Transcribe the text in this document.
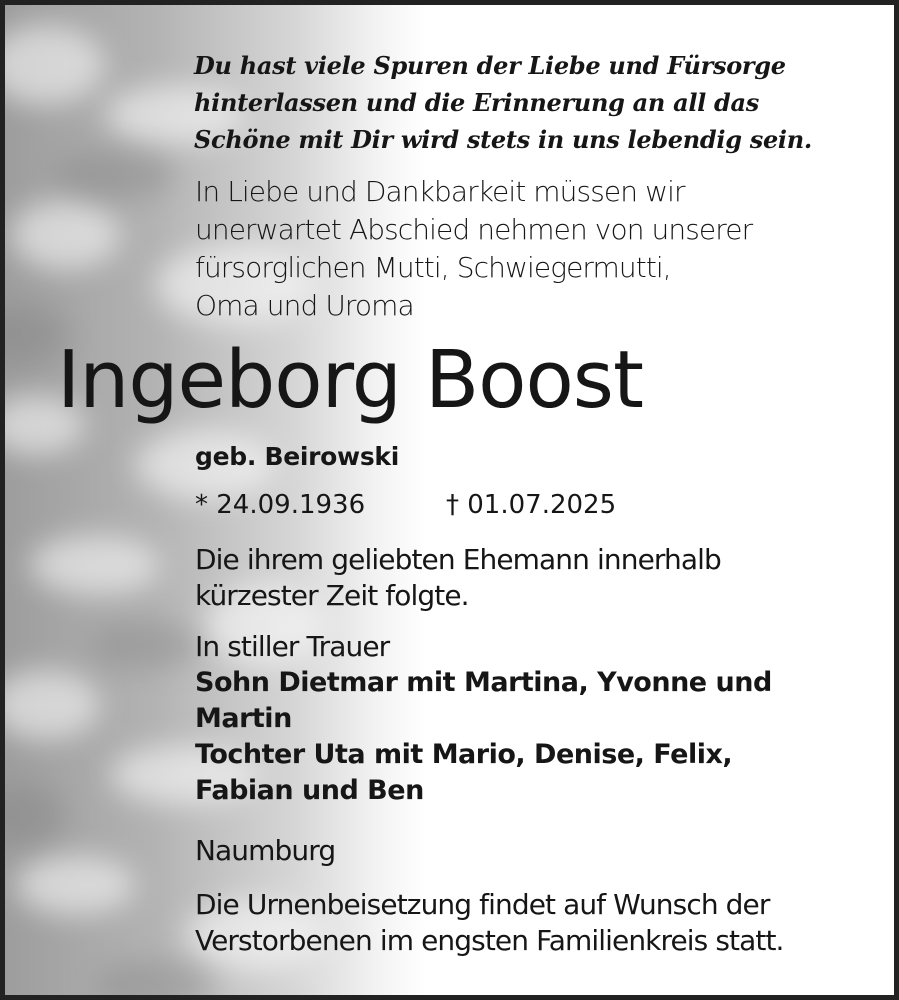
Du hast viele Spuren der Liebe und Fürsorge
hinterlassen und die Erinnerung an all das
Schöne mit Dir wird stets in uns lebendig sein.
In Liebe und Dankbarkeit müssen wir
unerwartet Abschied nehmen von unserer
fürsorglichen Mutti, Schwiegermutti,
Oma und Uroma
Ingeborg Boost
geb. Beirowski
* 24.09.1936	† 01.07.2025
Die ihrem geliebten Ehemann innerhalb
kürzester Zeit folgte.
In stiller Trauer
Sohn Dietmar mit Martina, Yvonne und
Martin
Tochter Uta mit Mario, Denise, Felix,
Fabian und Ben
Naumburg
Die Urnenbeisetzung findet auf Wunsch der
Verstorbenen im engsten Familienkreis statt.
